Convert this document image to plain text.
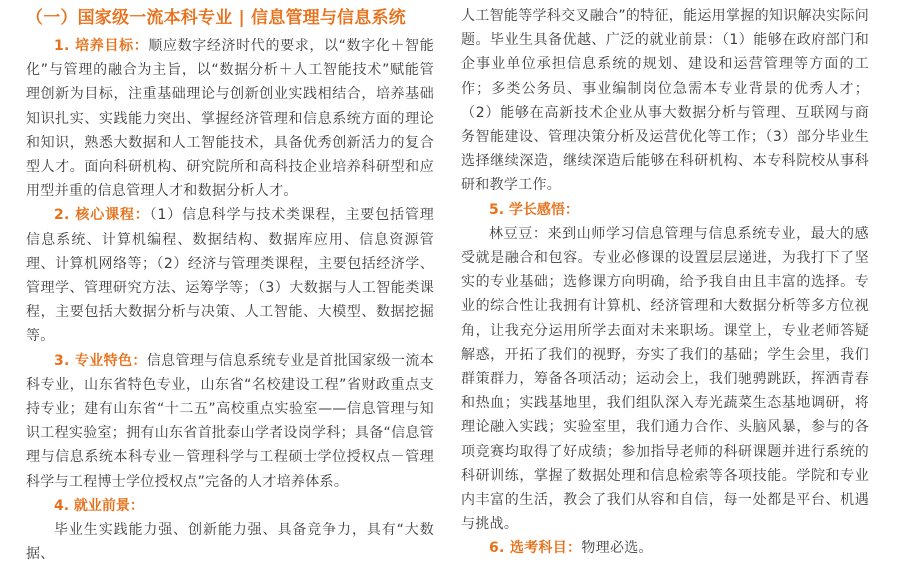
（一）国家级一流本科专业 | 信息管理与信息系统

1. 培养目标：顺应数字经济时代的要求，以“数字化＋智能化”与管理的融合为主旨，以“数据分析＋人工智能技术”赋能管理创新为目标，注重基础理论与创新创业实践相结合，培养基础知识扎实、实践能力突出、掌握经济管理和信息系统方面的理论和知识，熟悉大数据和人工智能技术，具备优秀创新活力的复合型人才。面向科研机构、研究院所和高科技企业培养科研型和应用型并重的信息管理人才和数据分析人才。

2. 核心课程：（1）信息科学与技术类课程，主要包括管理信息系统、计算机编程、数据结构、数据库应用、信息资源管理、计算机网络等；（2）经济与管理类课程，主要包括经济学、管理学、管理研究方法、运筹学等；（3）大数据与人工智能类课程，主要包括大数据分析与决策、人工智能、大模型、数据挖掘等。

3. 专业特色：信息管理与信息系统专业是首批国家级一流本科专业，山东省特色专业，山东省“名校建设工程”省财政重点支持专业；建有山东省“十二五”高校重点实验室——信息管理与知识工程实验室；拥有山东省首批泰山学者设岗学科；具备“信息管理与信息系统本科专业－管理科学与工程硕士学位授权点－管理科学与工程博士学位授权点”完备的人才培养体系。

4. 就业前景：

毕业生实践能力强、创新能力强、具备竞争力，具有“大数据、

人工智能等学科交叉融合”的特征，能运用掌握的知识解决实际问题。毕业生具备优越、广泛的就业前景：（1）能够在政府部门和企事业单位承担信息系统的规划、建设和运营管理等方面的工作；多类公务员、事业编制岗位急需本专业背景的优秀人才；（2）能够在高新技术企业从事大数据分析与管理、互联网与商务智能建设、管理决策分析及运营优化等工作；（3）部分毕业生选择继续深造，继续深造后能够在科研机构、本专科院校从事科研和教学工作。

5. 学长感悟：

林豆豆：来到山师学习信息管理与信息系统专业，最大的感受就是融合和包容。专业必修课的设置层层递进，为我打下了坚实的专业基础；选修课方向明确，给予我自由且丰富的选择。专业的综合性让我拥有计算机、经济管理和大数据分析等多方位视角，让我充分运用所学去面对未来职场。课堂上，专业老师答疑解惑，开拓了我们的视野，夯实了我们的基础；学生会里，我们群策群力，筹备各项活动；运动会上，我们驰骋跳跃，挥洒青春和热血；实践基地里，我们组队深入寿光蔬菜生态基地调研，将理论融入实践；实验室里，我们通力合作、头脑风暴，参与的各项竞赛均取得了好成绩；参加指导老师的科研课题并进行系统的科研训练，掌握了数据处理和信息检索等各项技能。学院和专业内丰富的生活，教会了我们从容和自信，每一处都是平台、机遇与挑战。

6. 选考科目：物理必选。
